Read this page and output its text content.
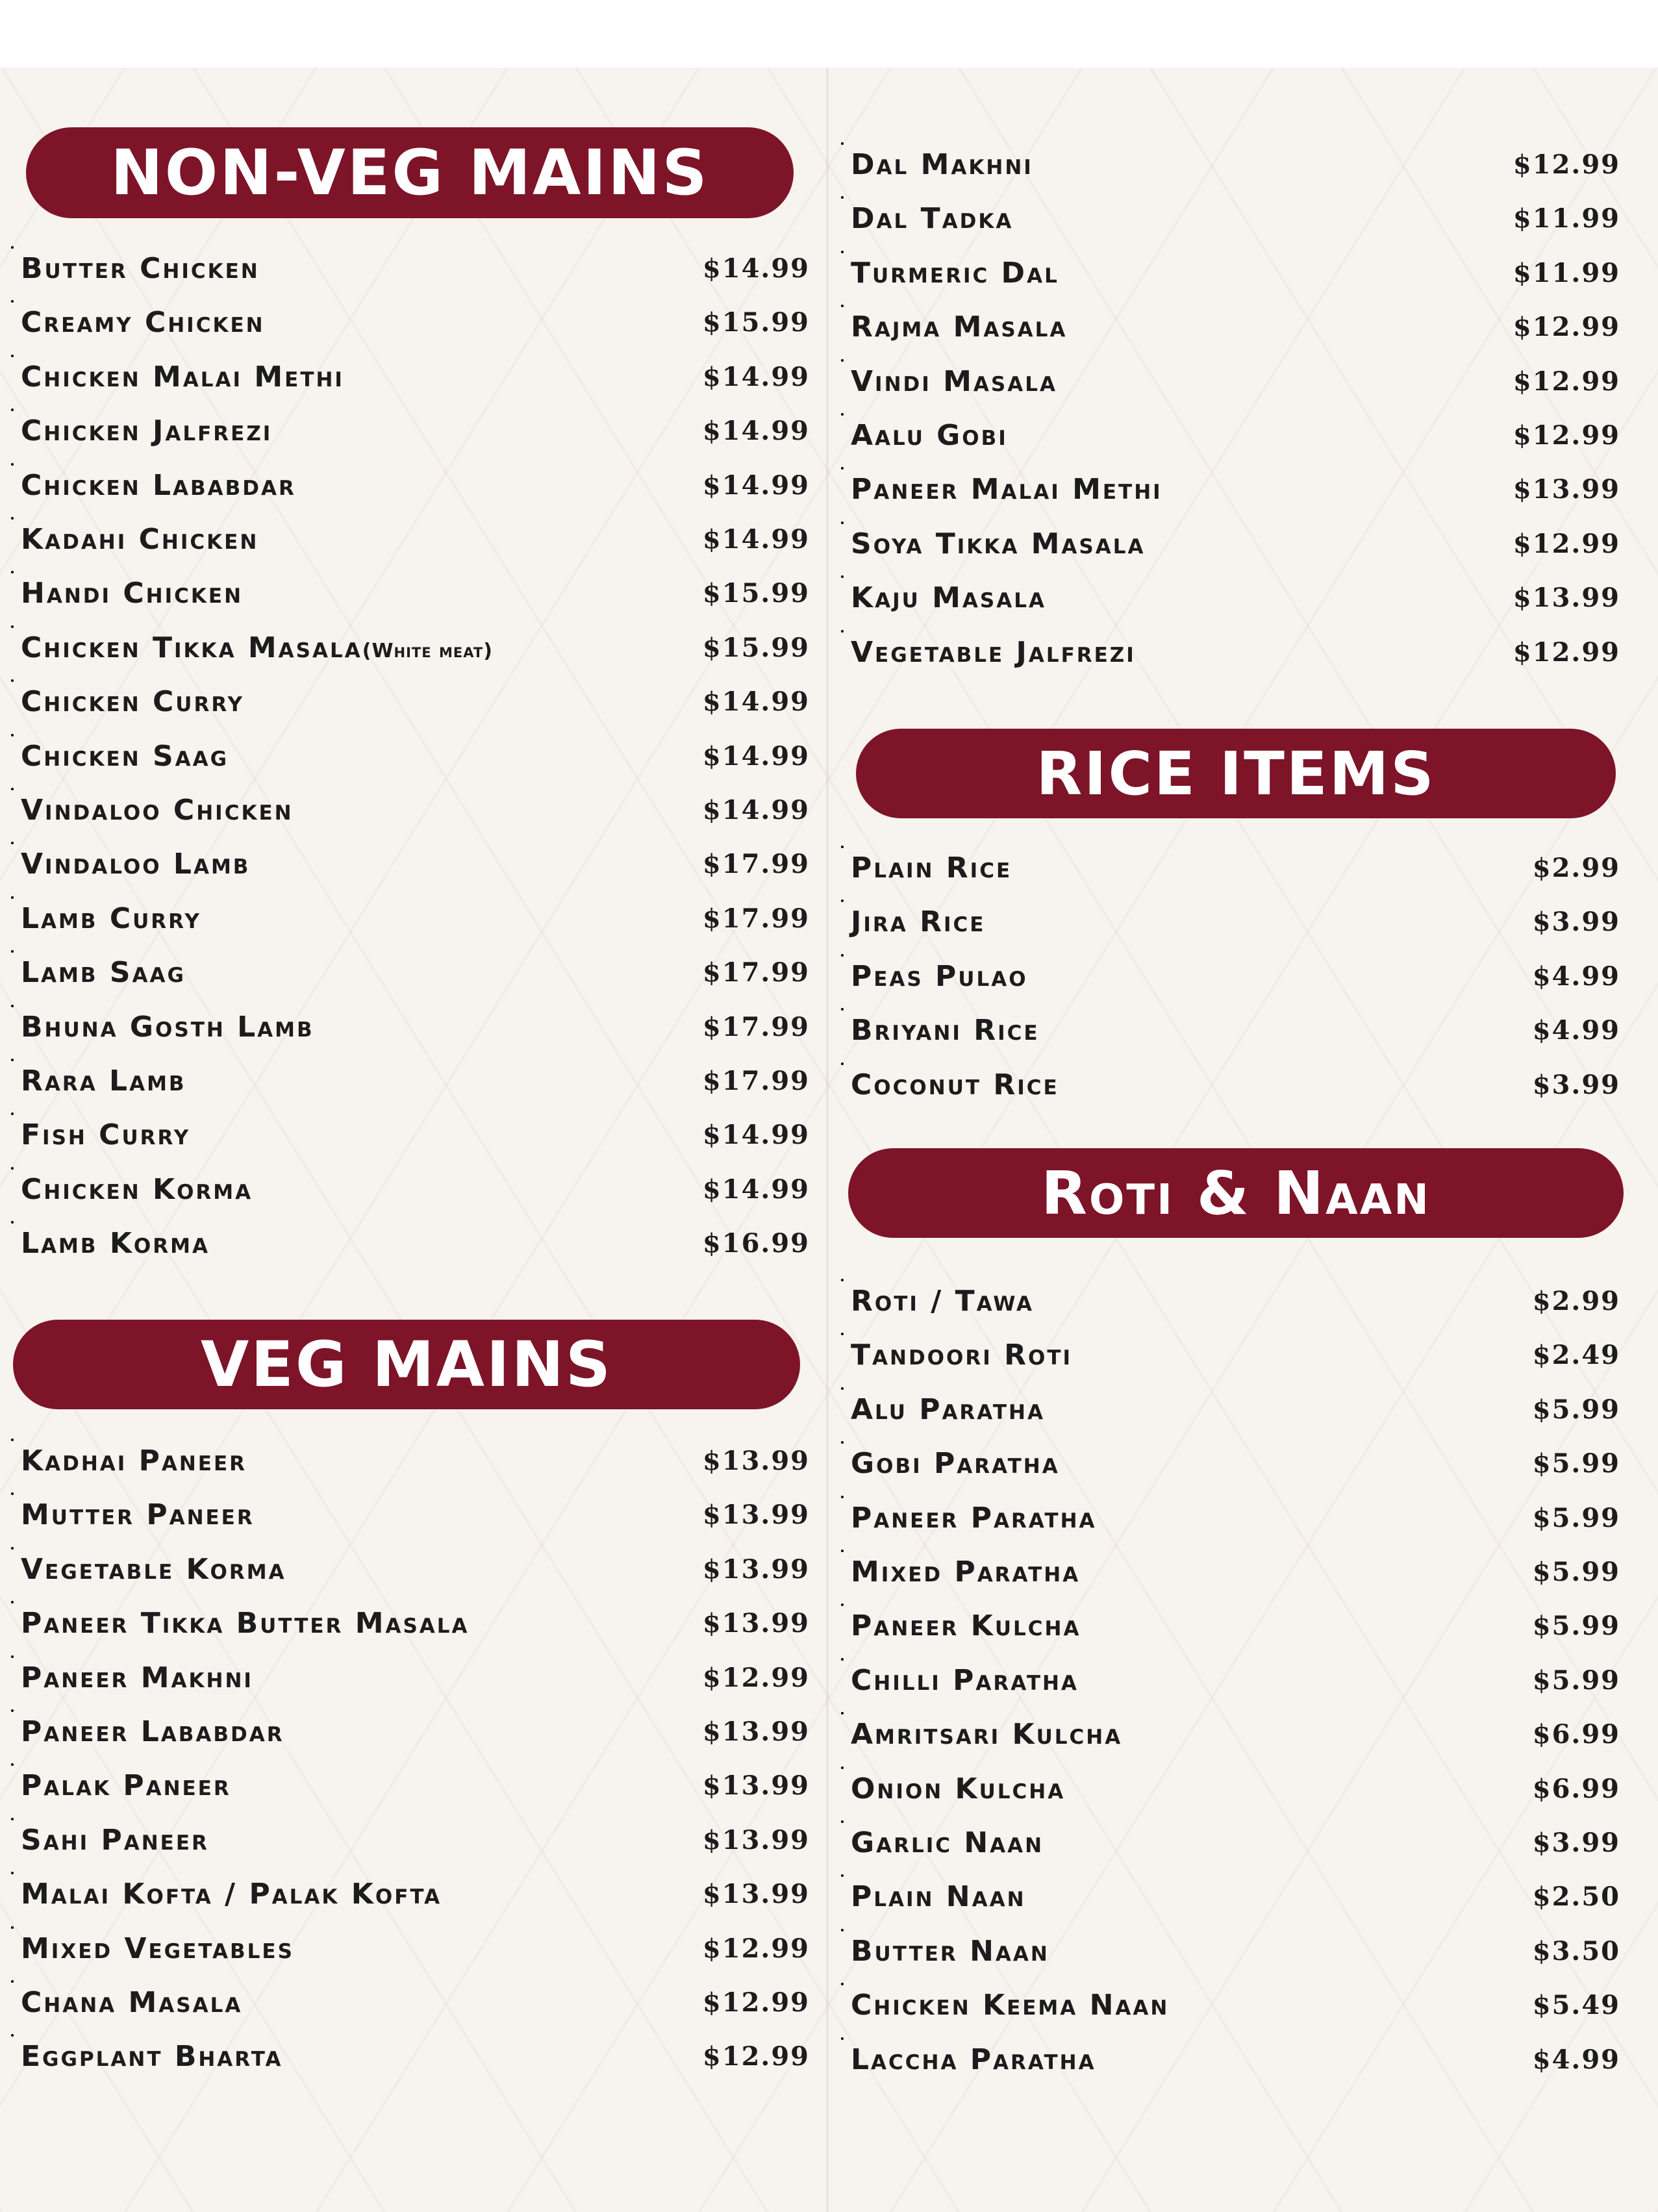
NON-VEG MAINS
• Butter Chicken	$14.99
• Creamy Chicken	$15.99
• Chicken Malai Methi	$14.99
• Chicken Jalfrezi	$14.99
• Chicken Lababdar	$14.99
• Kadahi Chicken	$14.99
• Handi Chicken	$15.99
• Chicken Tikka Masala(White meat)	$15.99
• Chicken Curry	$14.99
• Chicken Saag	$14.99
• Vindaloo Chicken	$14.99
• Vindaloo Lamb	$17.99
• Lamb Curry	$17.99
• Lamb Saag	$17.99
• Bhuna Gosth Lamb	$17.99
• Rara Lamb	$17.99
• Fish Curry	$14.99
• Chicken Korma	$14.99
• Lamb Korma	$16.99
VEG MAINS
• Kadhai Paneer	$13.99
• Mutter Paneer	$13.99
• Vegetable Korma	$13.99
• Paneer Tikka Butter Masala	$13.99
• Paneer Makhni	$12.99
• Paneer Lababdar	$13.99
• Palak Paneer	$13.99
• Sahi Paneer	$13.99
• Malai Kofta / Palak Kofta	$13.99
• Mixed Vegetables	$12.99
• Chana Masala	$12.99
• Eggplant Bharta	$12.99
• Dal Makhni	$12.99
• Dal Tadka	$11.99
• Turmeric Dal	$11.99
• Rajma Masala	$12.99
• Vindi Masala	$12.99
• Aalu Gobi	$12.99
• Paneer Malai Methi	$13.99
• Soya Tikka Masala	$12.99
• Kaju Masala	$13.99
• Vegetable Jalfrezi	$12.99
RICE ITEMS
• Plain Rice	$2.99
• Jira Rice	$3.99
• Peas Pulao	$4.99
• Briyani Rice	$4.99
• Coconut Rice	$3.99
Roti & Naan
• Roti / Tawa	$2.99
• Tandoori Roti	$2.49
• Alu Paratha	$5.99
• Gobi Paratha	$5.99
• Paneer Paratha	$5.99
• Mixed Paratha	$5.99
• Paneer Kulcha	$5.99
• Chilli Paratha	$5.99
• Amritsari Kulcha	$6.99
• Onion Kulcha	$6.99
• Garlic Naan	$3.99
• Plain Naan	$2.50
• Butter Naan	$3.50
• Chicken Keema Naan	$5.49
• Laccha Paratha	$4.99
